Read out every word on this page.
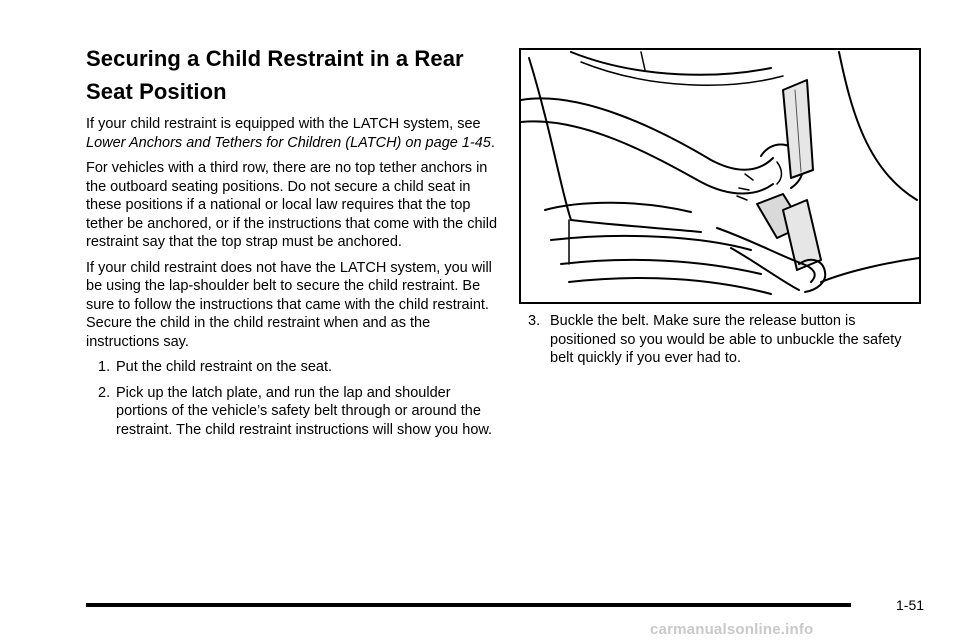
Securing a Child Restraint in a Rear Seat Position

If your child restraint is equipped with the LATCH system, see Lower Anchors and Tethers for Children (LATCH) on page 1-45.

For vehicles with a third row, there are no top tether anchors in the outboard seating positions. Do not secure a child seat in these positions if a national or local law requires that the top tether be anchored, or if the instructions that come with the child restraint say that the top strap must be anchored.

If your child restraint does not have the LATCH system, you will be using the lap-shoulder belt to secure the child restraint. Be sure to follow the instructions that came with the child restraint. Secure the child in the child restraint when and as the instructions say.

1. Put the child restraint on the seat.
2. Pick up the latch plate, and run the lap and shoulder portions of the vehicle’s safety belt through or around the restraint. The child restraint instructions will show you how.
3. Buckle the belt. Make sure the release button is positioned so you would be able to unbuckle the safety belt quickly if you ever had to.
1-51
carmanualsonline.info
